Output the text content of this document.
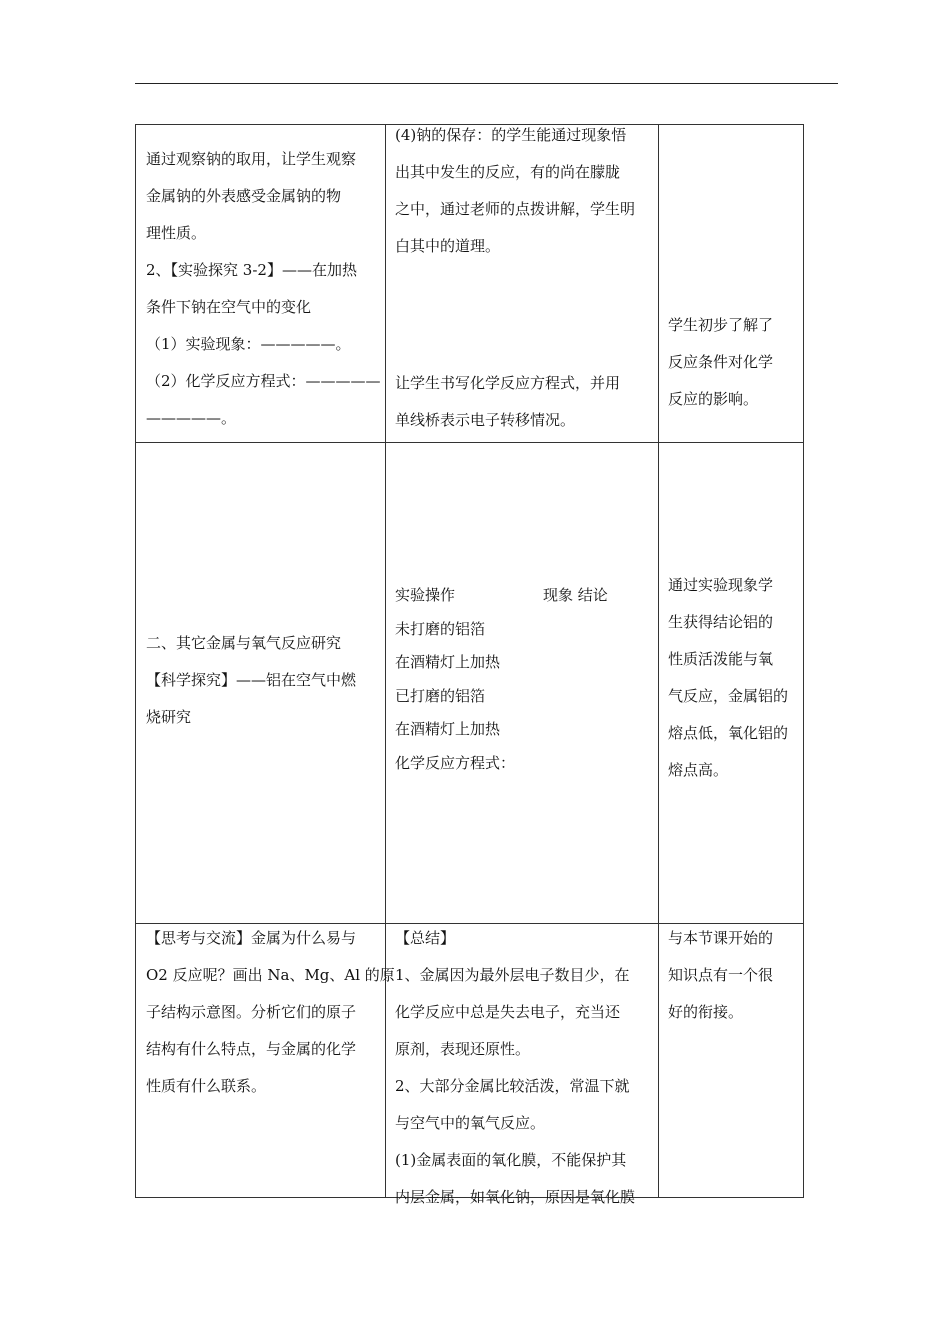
通过观察钠的取用，让学生观察

金属钠的外表感受金属钠的物

理性质。

2、【实验探究 3-2】——在加热

条件下钠在空气中的变化

（1）实验现象：—————。

（2）化学反应方程式：—————

—————。

(4)钠的保存：的学生能通过现象悟

出其中发生的反应，有的尚在朦胧

之中，通过老师的点拨讲解，学生明

白其中的道理。

让学生书写化学反应方程式，并用

单线桥表示电子转移情况。

学生初步了解了

反应条件对化学

反应的影响。

二、其它金属与氧气反应研究

【科学探究】——铝在空气中燃

烧研究

实验操作	现象 结论

未打磨的铝箔

在酒精灯上加热

已打磨的铝箔

在酒精灯上加热

化学反应方程式：

通过实验现象学

生获得结论铝的

性质活泼能与氧

气反应，金属铝的

熔点低，氧化铝的

熔点高。

【思考与交流】金属为什么易与

O2 反应呢？画出 Na、Mg、Al 的原

子结构示意图。分析它们的原子

结构有什么特点，与金属的化学

性质有什么联系。

【总结】

1、金属因为最外层电子数目少，在

化学反应中总是失去电子，充当还

原剂，表现还原性。

2、大部分金属比较活泼，常温下就

与空气中的氧气反应。

(1)金属表面的氧化膜，不能保护其

内层金属，如氧化钠，原因是氧化膜

与本节课开始的

知识点有一个很

好的衔接。
